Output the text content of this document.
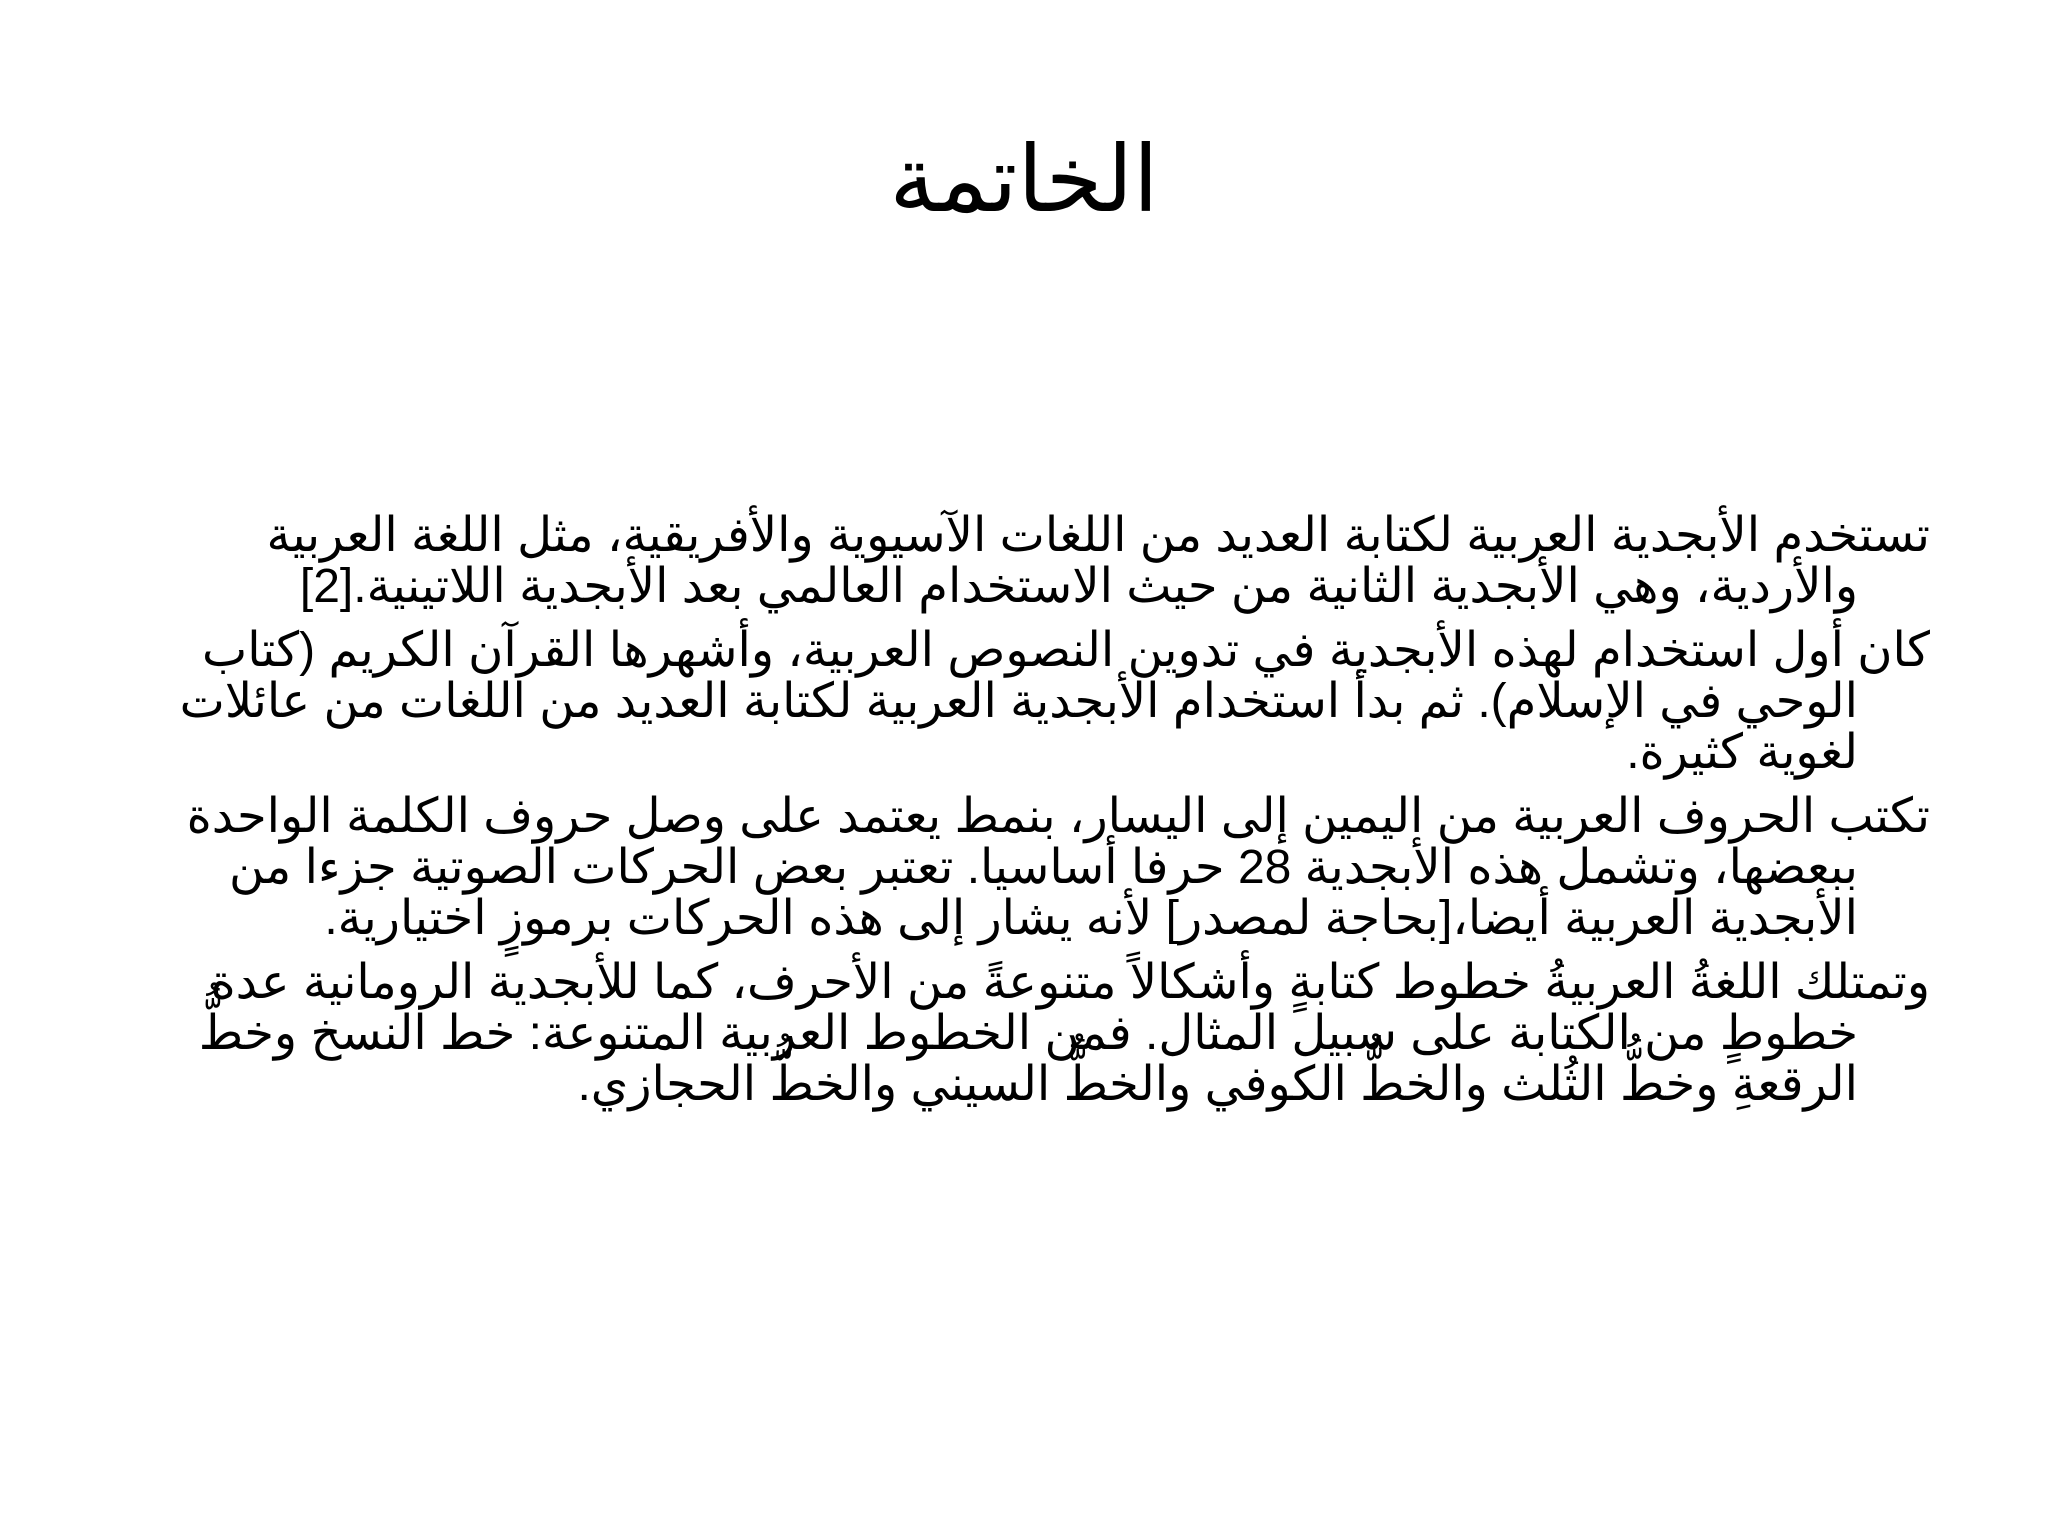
الخاتمة

تستخدم الأبجدية العربية لكتابة العديد من اللغات الآسيوية والأفريقية، مثل اللغة العربية والأردية، وهي الأبجدية الثانية من حيث الاستخدام العالمي بعد الأبجدية اللاتينية.[2]

كان أول استخدام لهذه الأبجدية في تدوين النصوص العربية، وأشهرها القرآن الكريم (كتاب الوحي في الإسلام). ثم بدأ استخدام الأبجدية العربية لكتابة العديد من اللغات من عائلات لغوية كثيرة.

تكتب الحروف العربية من اليمين إلى اليسار، بنمط يعتمد على وصل حروف الكلمة الواحدة ببعضها، وتشمل هذه الأبجدية 28 حرفا أساسيا. تعتبر بعض الحركات الصوتية جزءا من الأبجدية العربية أيضا،[بحاجة لمصدر] لأنه يشار إلى هذه الحركات برموزٍ اختيارية.

وتمتلك اللغةُ العربيةُ خطوط كتابةٍ وأشكالاً متنوعةً من الأحرف، كما للأبجدية الرومانية عدة خطوطٍ من الكتابة على سبيل المثال. فمن الخطوط العربية المتنوعة: خط النسخ وخطُّ الرقعةِ وخطُّ الثُلث والخطُّ الكوفي والخطُّ السيني والخطُّ الحجازي.
